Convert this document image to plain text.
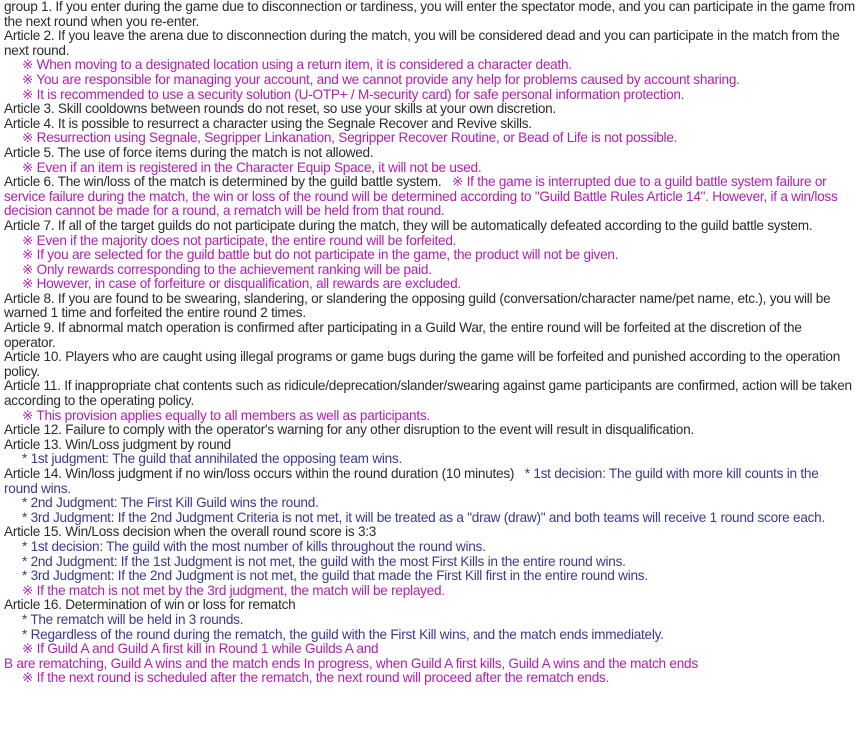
group 1. If you enter during the game due to disconnection or tardiness, you will enter the spectator mode, and you can participate in the game from the next round when you re-enter.

Article 2. If you leave the arena due to disconnection during the match, you will be considered dead and you can participate in the match from the next round.

※ When moving to a designated location using a return item, it is considered a character death.

※ You are responsible for managing your account, and we cannot provide any help for problems caused by account sharing.

※ It is recommended to use a security solution (U-OTP+ / M-security card) for safe personal information protection.

Article 3. Skill cooldowns between rounds do not reset, so use your skills at your own discretion.

Article 4. It is possible to resurrect a character using the Segnale Recover and Revive skills.

※ Resurrection using Segnale, Segripper Linkanation, Segripper Recover Routine, or Bead of Life is not possible.

Article 5. The use of force items during the match is not allowed.

※ Even if an item is registered in the Character Equip Space, it will not be used.

Article 6. The win/loss of the match is determined by the guild battle system.   ※ If the game is interrupted due to a guild battle system failure or service failure during the match, the win or loss of the round will be determined according to "Guild Battle Rules Article 14". However, if a win/loss decision cannot be made for a round, a rematch will be held from that round.

Article 7. If all of the target guilds do not participate during the match, they will be automatically defeated according to the guild battle system.

※ Even if the majority does not participate, the entire round will be forfeited.

※ If you are selected for the guild battle but do not participate in the game, the product will not be given.

※ Only rewards corresponding to the achievement ranking will be paid.

※ However, in case of forfeiture or disqualification, all rewards are excluded.

Article 8. If you are found to be swearing, slandering, or slandering the opposing guild (conversation/character name/pet name, etc.), you will be warned 1 time and forfeited the entire round 2 times.

Article 9. If abnormal match operation is confirmed after participating in a Guild War, the entire round will be forfeited at the discretion of the operator.

Article 10. Players who are caught using illegal programs or game bugs during the game will be forfeited and punished according to the operation policy.

Article 11. If inappropriate chat contents such as ridicule/deprecation/slander/swearing against game participants are confirmed, action will be taken according to the operating policy.

※ This provision applies equally to all members as well as participants.

Article 12. Failure to comply with the operator's warning for any other disruption to the event will result in disqualification.

Article 13. Win/Loss judgment by round

* 1st judgment: The guild that annihilated the opposing team wins.

Article 14. Win/loss judgment if no win/loss occurs within the round duration (10 minutes)   * 1st decision: The guild with more kill counts in the round wins.

* 2nd Judgment: The First Kill Guild wins the round.

* 3rd Judgment: If the 2nd Judgment Criteria is not met, it will be treated as a "draw (draw)" and both teams will receive 1 round score each.

Article 15. Win/Loss decision when the overall round score is 3:3

* 1st decision: The guild with the most number of kills throughout the round wins.

* 2nd Judgment: If the 1st Judgment is not met, the guild with the most First Kills in the entire round wins.

* 3rd Judgment: If the 2nd Judgment is not met, the guild that made the First Kill first in the entire round wins.

※ If the match is not met by the 3rd judgment, the match will be replayed.

Article 16. Determination of win or loss for rematch

* The rematch will be held in 3 rounds.

* Regardless of the round during the rematch, the guild with the First Kill wins, and the match ends immediately.

※ If Guild A and Guild A first kill in Round 1 while Guilds A and

B are rematching, Guild A wins and the match ends In progress, when Guild A first kills, Guild A wins and the match ends

※ If the next round is scheduled after the rematch, the next round will proceed after the rematch ends.
